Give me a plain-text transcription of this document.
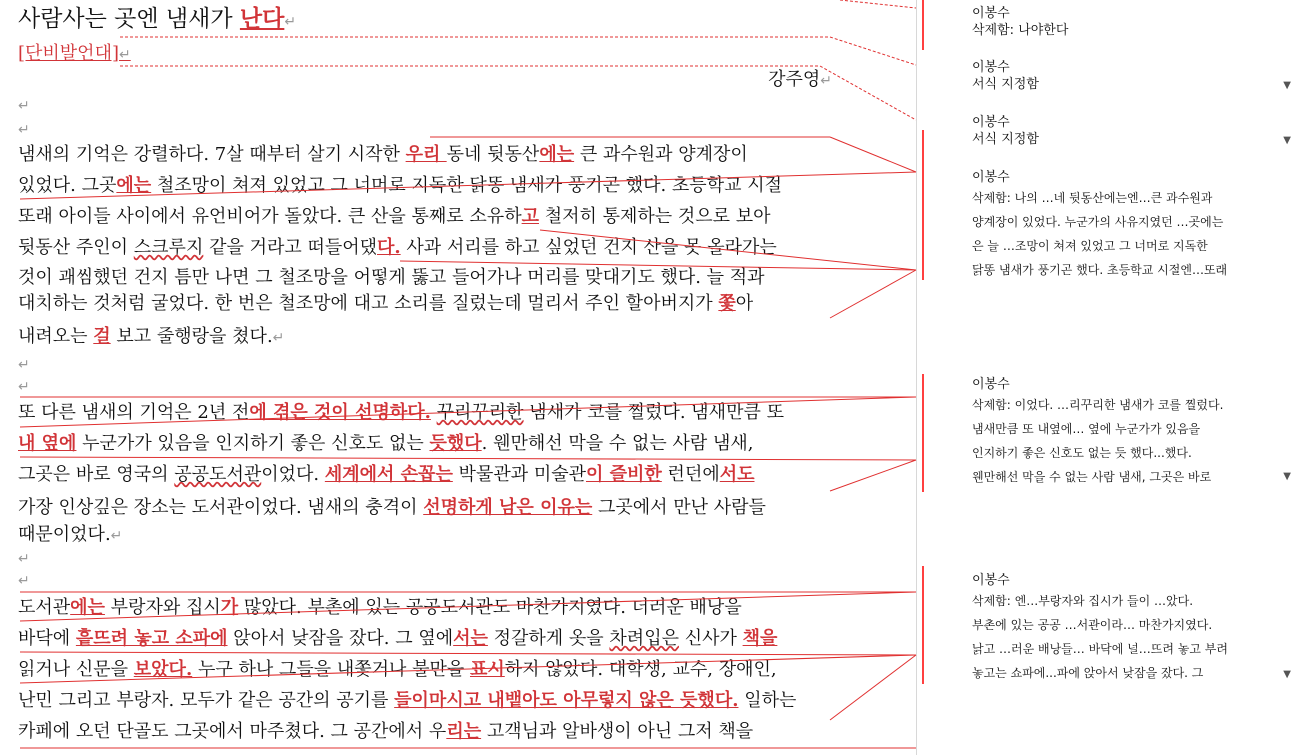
사람사는 곳엔 냄새가 난다↵
[단비발언대]↵
강주영↵
↵
↵
냄새의 기억은 강렬하다. 7살 때부터 살기 시작한 우리 동네 뒷동산에는 큰 과수원과 양계장이
있었다. 그곳에는 철조망이 쳐져 있었고 그 너머로 지독한 닭똥 냄새가 풍기곤 했다. 초등학교 시절
또래 아이들 사이에서 유언비어가 돌았다. 큰 산을 통째로 소유하고 철저히 통제하는 것으로 보아
뒷동산 주인이 스크루지 같을 거라고 떠들어댔다. 사과 서리를 하고 싶었던 건지 산을 못 올라가는
것이 괘씸했던 건지 틈만 나면 그 철조망을 어떻게 뚫고 들어가나 머리를 맞대기도 했다. 늘 적과
대치하는 것처럼 굴었다. 한 번은 철조망에 대고 소리를 질렀는데 멀리서 주인 할아버지가 쫓아
내려오는 걸 보고 줄행랑을 쳤다.↵
↵
↵
또 다른 냄새의 기억은 2년 전에 겪은 것이 선명하다. 꾸리꾸리한 냄새가 코를 찔렀다. 냄새만큼 또
내 옆에 누군가가 있음을 인지하기 좋은 신호도 없는 듯했다. 웬만해선 막을 수 없는 사람 냄새,
그곳은 바로 영국의 공공도서관이었다. 세계에서 손꼽는 박물관과 미술관이 즐비한 런던에서도
가장 인상깊은 장소는 도서관이었다. 냄새의 충격이 선명하게 남은 이유는 그곳에서 만난 사람들
때문이었다.↵
↵
↵
도서관에는 부랑자와 집시가 많았다. 부촌에 있는 공공도서관도 마찬가지였다. 더러운 배낭을
바닥에 흩뜨려 놓고 소파에 앉아서 낮잠을 잤다. 그 옆에서는 정갈하게 옷을 차려입은 신사가 책을
읽거나 신문을 보았다. 누구 하나 그들을 내쫓거나 불만을 표시하지 않았다. 대학생, 교수, 장애인,
난민 그리고 부랑자. 모두가 같은 공간의 공기를 들이마시고 내뱉아도 아무렇지 않은 듯했다. 일하는
카페에 오던 단골도 그곳에서 마주쳤다. 그 공간에서 우리는 고객님과 알바생이 아닌 그저 책을
이봉수
삭제함: 나야한다
이봉수
서식 지정함	▼
이봉수
서식 지정함	▼
이봉수
삭제함: 나의 …네 뒷동산에는엔…큰 과수원과
양계장이 있었다. 누군가의 사유지였던 …곳에는
은 늘 …조망이 쳐져 있었고 그 너머로 지독한
닭똥 냄새가 풍기곤 했다. 초등학교 시절엔…또래
이봉수
삭제함: 이었다. …리꾸리한 냄새가 코를 찔렀다.
냄새만큼 또 내옆에… 옆에 누군가가 있음을
인지하기 좋은 신호도 없는 듯 했다...했다.
웬만해선 막을 수 없는 사람 냄새, 그곳은 바로	▼
이봉수
삭제함: 엔…부랑자와 집시가 들이 …았다.
부촌에 있는 공공 …서관이라… 마찬가지였다.
낡고 …러운 배낭들… 바닥에 널…뜨려 놓고 부려
놓고는 쇼파에...파에 앉아서 낮잠을 잤다. 그	▼
